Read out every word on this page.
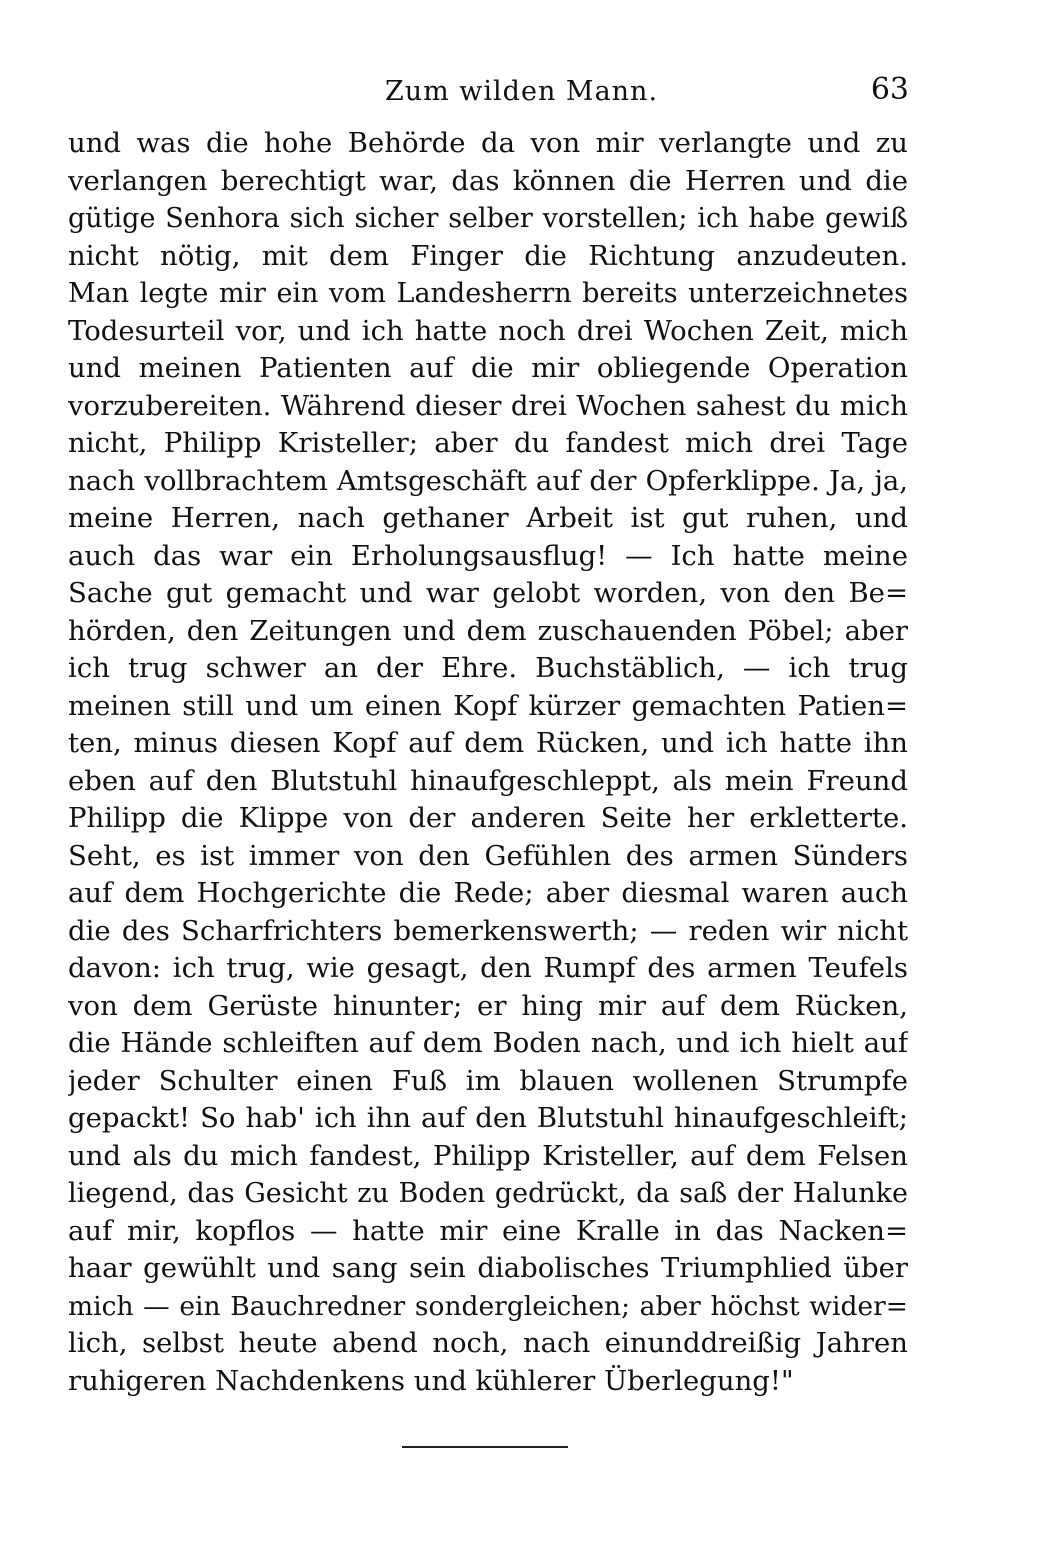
Zum wilden Mann.	63
und was die hohe Behörde da von mir verlangte und zu
verlangen berechtigt war, das können die Herren und die
gütige Senhora sich sicher selber vorstellen; ich habe gewiß
nicht nötig, mit dem Finger die Richtung anzudeuten.
Man legte mir ein vom Landesherrn bereits unterzeichnetes
Todesurteil vor, und ich hatte noch drei Wochen Zeit, mich
und meinen Patienten auf die mir obliegende Operation
vorzubereiten. Während dieser drei Wochen sahest du mich
nicht, Philipp Kristeller; aber du fandest mich drei Tage
nach vollbrachtem Amtsgeschäft auf der Opferklippe. Ja, ja,
meine Herren, nach gethaner Arbeit ist gut ruhen, und
auch das war ein Erholungsausflug! — Ich hatte meine
Sache gut gemacht und war gelobt worden, von den Be=
hörden, den Zeitungen und dem zuschauenden Pöbel; aber
ich trug schwer an der Ehre. Buchstäblich, — ich trug
meinen still und um einen Kopf kürzer gemachten Patien=
ten, minus diesen Kopf auf dem Rücken, und ich hatte ihn
eben auf den Blutstuhl hinaufgeschleppt, als mein Freund
Philipp die Klippe von der anderen Seite her erkletterte.
Seht, es ist immer von den Gefühlen des armen Sünders
auf dem Hochgerichte die Rede; aber diesmal waren auch
die des Scharfrichters bemerkenswerth; — reden wir nicht
davon: ich trug, wie gesagt, den Rumpf des armen Teufels
von dem Gerüste hinunter; er hing mir auf dem Rücken,
die Hände schleiften auf dem Boden nach, und ich hielt auf
jeder Schulter einen Fuß im blauen wollenen Strumpfe
gepackt! So hab' ich ihn auf den Blutstuhl hinaufgeschleift;
und als du mich fandest, Philipp Kristeller, auf dem Felsen
liegend, das Gesicht zu Boden gedrückt, da saß der Halunke
auf mir, kopflos — hatte mir eine Kralle in das Nacken=
haar gewühlt und sang sein diabolisches Triumphlied über
mich — ein Bauchredner sondergleichen; aber höchst wider=
lich, selbst heute abend noch, nach einunddreißig Jahren
ruhigeren Nachdenkens und kühlerer Überlegung!"
